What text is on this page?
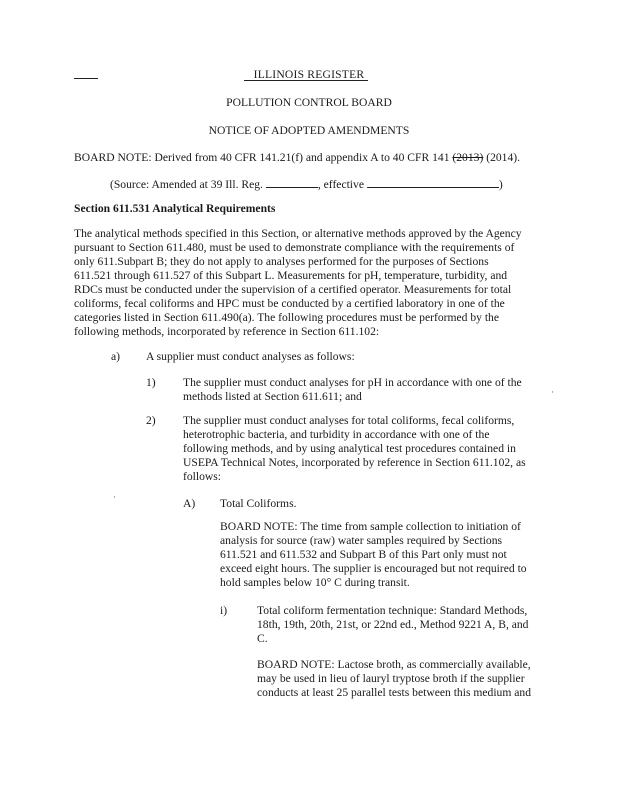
ILLINOIS REGISTER
POLLUTION CONTROL BOARD
NOTICE OF ADOPTED AMENDMENTS
BOARD NOTE: Derived from 40 CFR 141.21(f) and appendix A to 40 CFR 141 (2013) (2014).
(Source: Amended at 39 Ill. Reg.	, effective	)
Section 611.531 Analytical Requirements
The analytical methods specified in this Section, or alternative methods approved by the Agency
pursuant to Section 611.480, must be used to demonstrate compliance with the requirements of
only 611.Subpart B; they do not apply to analyses performed for the purposes of Sections
611.521 through 611.527 of this Subpart L. Measurements for pH, temperature, turbidity, and
RDCs must be conducted under the supervision of a certified operator. Measurements for total
coliforms, fecal coliforms and HPC must be conducted by a certified laboratory in one of the
categories listed in Section 611.490(a). The following procedures must be performed by the
following methods, incorporated by reference in Section 611.102:
a) A supplier must conduct analyses as follows:
1) The supplier must conduct analyses for pH in accordance with one of the
methods listed at Section 611.611; and
2) The supplier must conduct analyses for total coliforms, fecal coliforms,
heterotrophic bacteria, and turbidity in accordance with one of the
following methods, and by using analytical test procedures contained in
USEPA Technical Notes, incorporated by reference in Section 611.102, as
follows:
A) Total Coliforms.
BOARD NOTE: The time from sample collection to initiation of
analysis for source (raw) water samples required by Sections
611.521 and 611.532 and Subpart B of this Part only must not
exceed eight hours. The supplier is encouraged but not required to
hold samples below 10° C during transit.
i)	Total coliform fermentation technique: Standard Methods,
18th, 19th, 20th, 21st, or 22nd ed., Method 9221 A, B, and
C.
BOARD NOTE: Lactose broth, as commercially available,
may be used in lieu of lauryl tryptose broth if the supplier
conducts at least 25 parallel tests between this medium and
·
·
